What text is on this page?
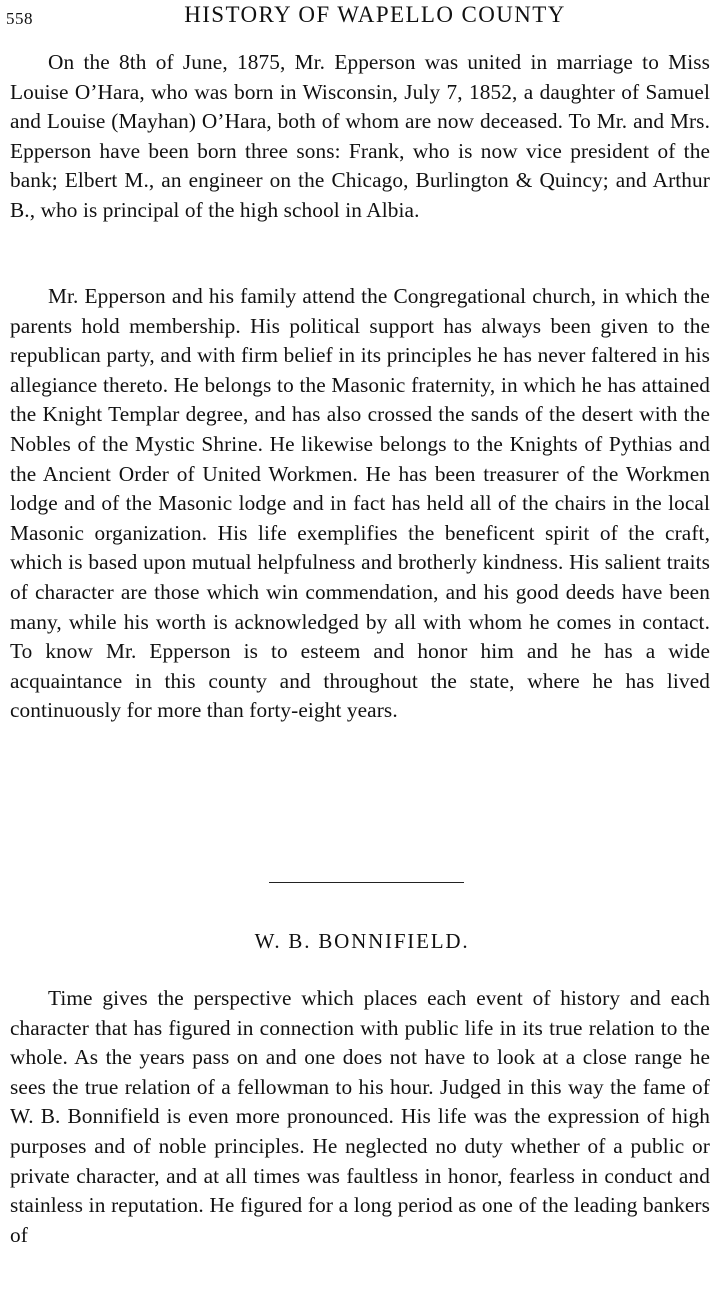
558	HISTORY OF WAPELLO COUNTY

On the 8th of June, 1875, Mr. Epperson was united in marriage to Miss Louise O’Hara, who was born in Wisconsin, July 7, 1852, a daughter of Samuel and Louise (Mayhan) O’Hara, both of whom are now deceased. To Mr. and Mrs. Epperson have been born three sons: Frank, who is now vice president of the bank; Elbert M., an engineer on the Chicago, Burlington & Quincy; and Arthur B., who is principal of the high school in Albia.

Mr. Epperson and his family attend the Congregational church, in which the parents hold membership. His political support has always been given to the republican party, and with firm belief in its principles he has never faltered in his allegiance thereto. He belongs to the Masonic fraternity, in which he has attained the Knight Templar degree, and has also crossed the sands of the desert with the Nobles of the Mystic Shrine. He likewise belongs to the Knights of Pythias and the Ancient Order of United Workmen. He has been treasurer of the Workmen lodge and of the Masonic lodge and in fact has held all of the chairs in the local Masonic organization. His life exemplifies the beneficent spirit of the craft, which is based upon mutual helpfulness and brotherly kindness. His salient traits of character are those which win commendation, and his good deeds have been many, while his worth is acknowledged by all with whom he comes in contact. To know Mr. Epperson is to esteem and honor him and he has a wide acquaintance in this county and throughout the state, where he has lived continuously for more than forty-eight years.

W. B. BONNIFIELD.

Time gives the perspective which places each event of history and each character that has figured in connection with public life in its true relation to the whole. As the years pass on and one does not have to look at a close range he sees the true relation of a fellowman to his hour. Judged in this way the fame of W. B. Bonnifield is even more pronounced. His life was the expression of high purposes and of noble principles. He neglected no duty whether of a public or private character, and at all times was faultless in honor, fearless in conduct and stainless in reputation. He figured for a long period as one of the leading bankers of
